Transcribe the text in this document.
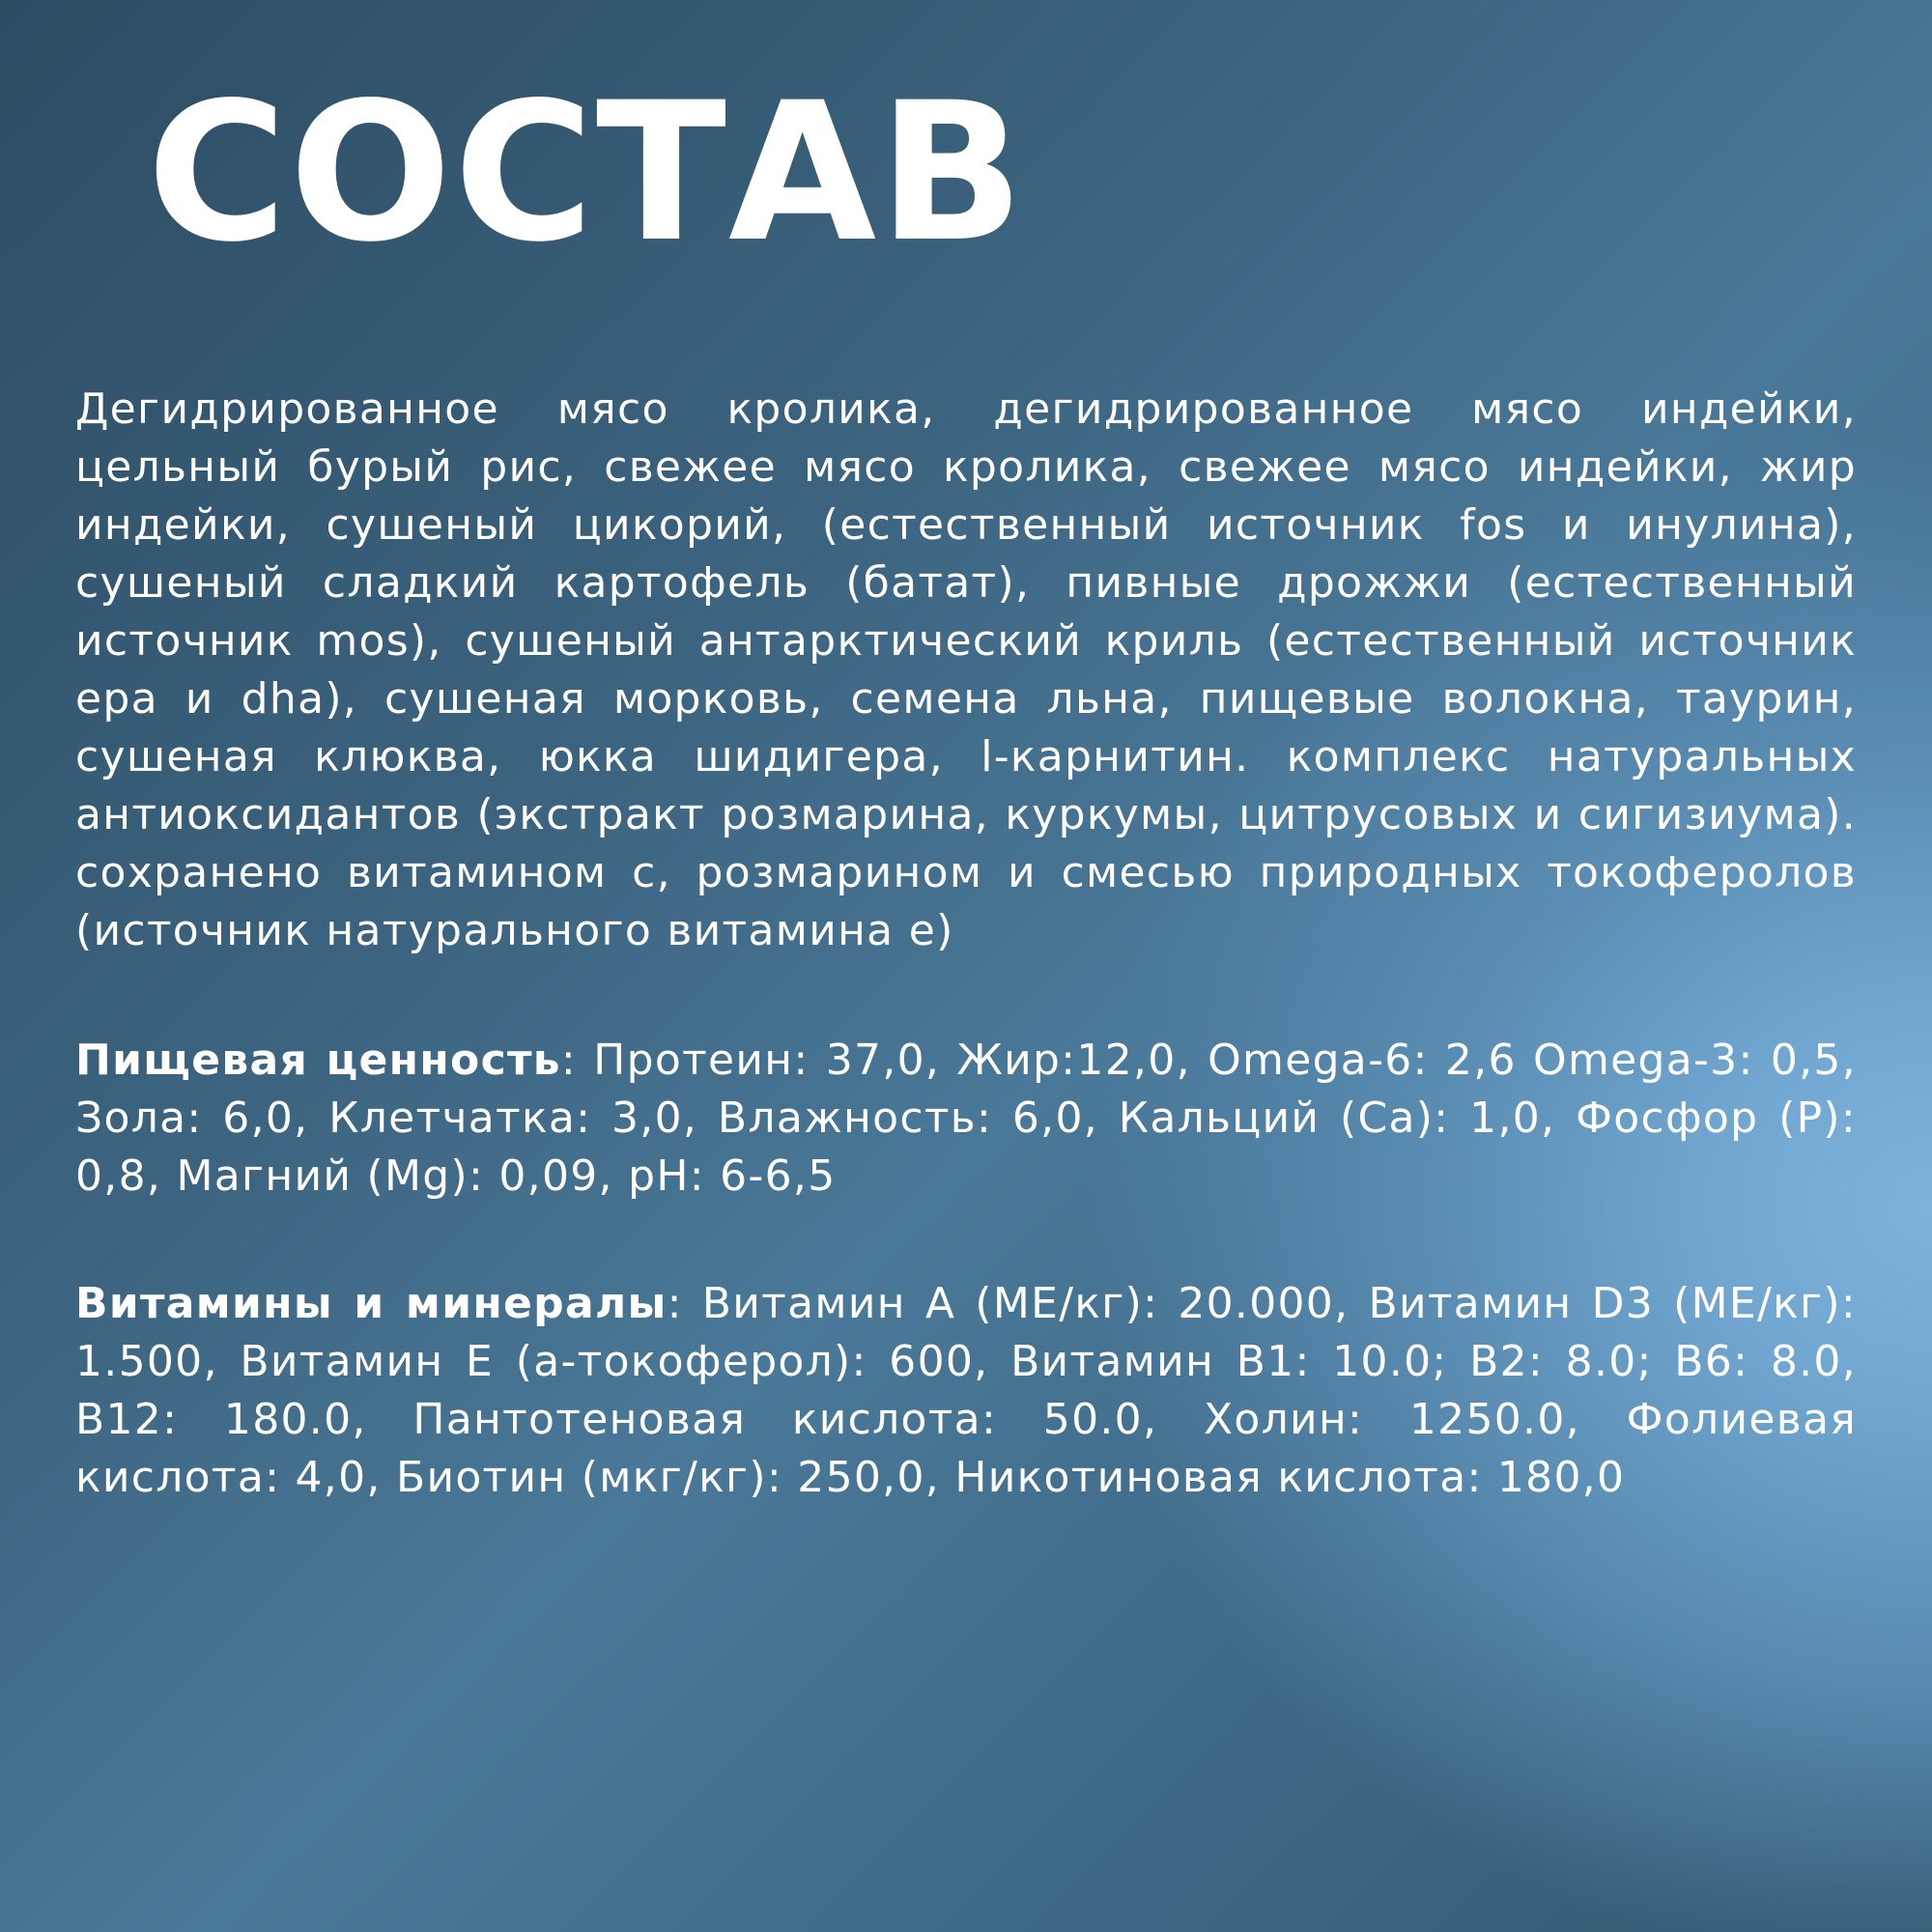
СОСТАВ

Дегидрированное мясо кролика, дегидрированное мясо индейки, цельный бурый рис, свежее мясо кролика, свежее мясо индейки, жир индейки, сушеный цикорий, (естественный источник fos и инулина), сушеный сладкий картофель (батат), пивные дрожжи (естественный источник mos), сушеный антарктический криль (естественный источник epa и dha), сушеная морковь, семена льна, пищевые волокна, таурин, сушеная клюква, юкка шидигера, l-карнитин. комплекс натуральных антиоксидантов (экстракт розмарина, куркумы, цитрусовых и сигизиума). сохранено витамином с, розмарином и смесью природных токоферолов (источник натурального витамина е)

Пищевая ценность: Протеин: 37,0, Жир:12,0, Omega-6: 2,6 Omega-3: 0,5, Зола: 6,0, Клетчатка: 3,0, Влажность: 6,0, Кальций (Са): 1,0, Фосфор (P): 0,8, Магний (Mg): 0,09, pH: 6-6,5

Витамины и минералы: Витамин A (ME/кг): 20.000, Витамин D3 (ME/кг): 1.500, Витамин E (a-токоферол): 600, Витамин B1: 10.0; B2: 8.0; B6: 8.0, B12: 180.0, Пантотеновая кислота: 50.0, Холин: 1250.0, Фолиевая кислота: 4,0, Биотин (мкг/кг): 250,0, Никотиновая кислота: 180,0
